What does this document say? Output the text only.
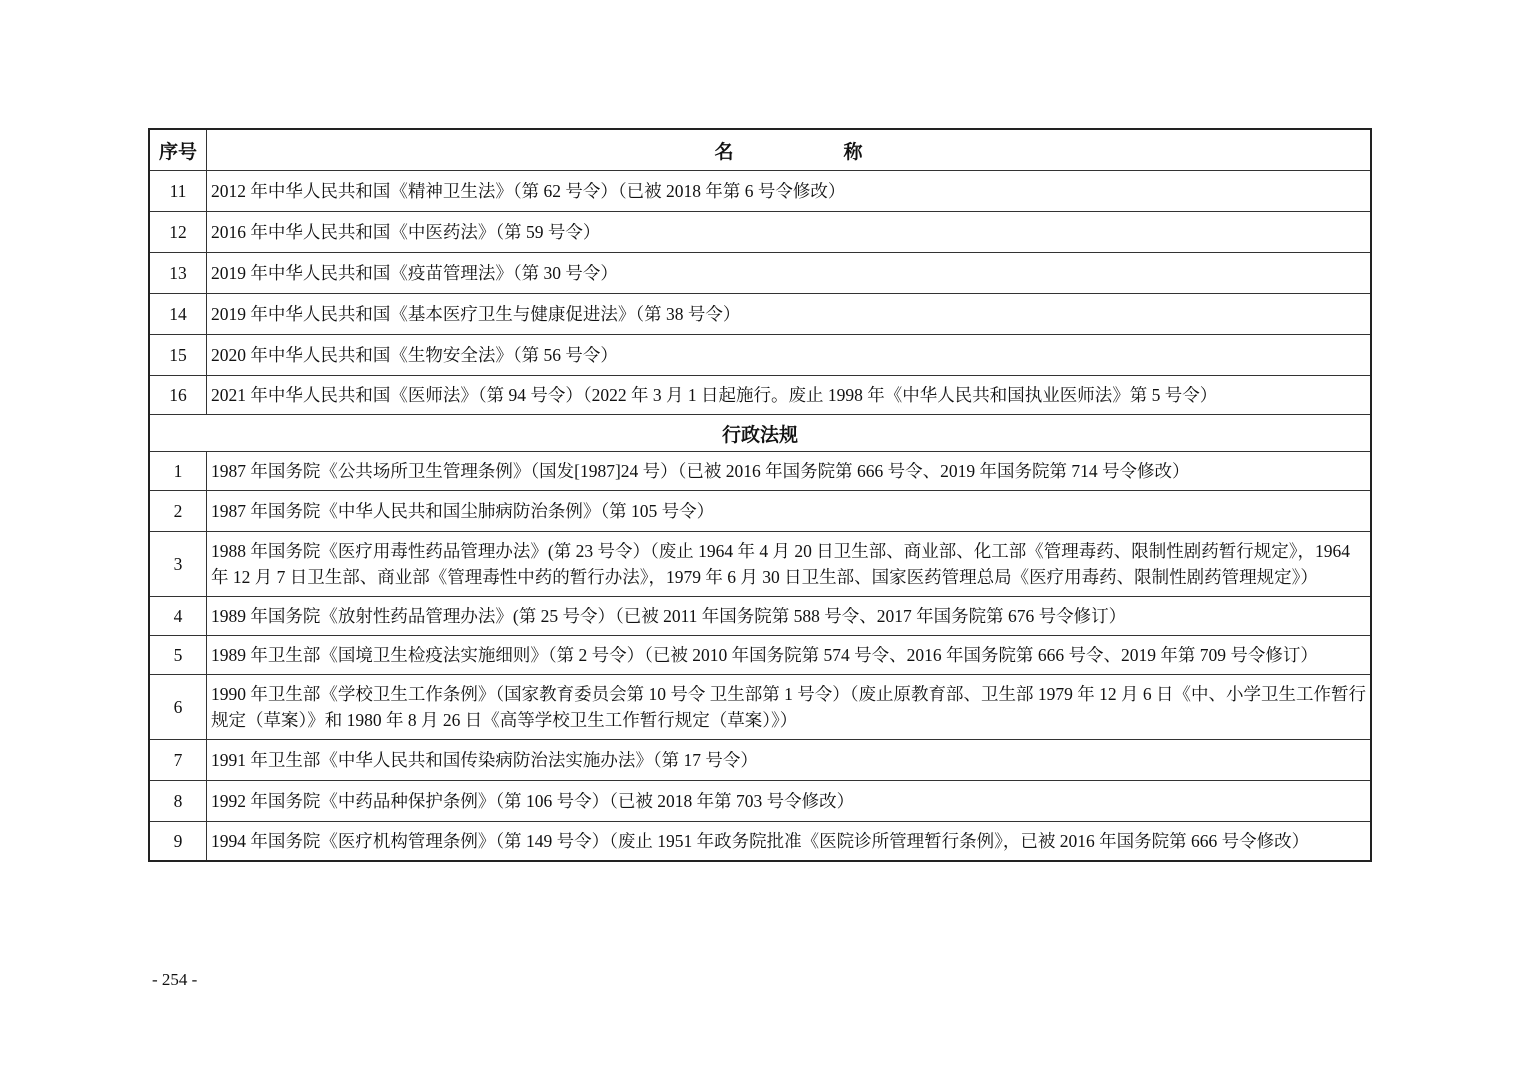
序号	名称
11	2012 年中华人民共和国《精神卫生法》（第 62 号令）（已被 2018 年第 6 号令修改）
12	2016 年中华人民共和国《中医药法》（第 59 号令）
13	2019 年中华人民共和国《疫苗管理法》（第 30 号令）
14	2019 年中华人民共和国《基本医疗卫生与健康促进法》（第 38 号令）
15	2020 年中华人民共和国《生物安全法》（第 56 号令）
16	2021 年中华人民共和国《医师法》（第 94 号令）（2022 年 3 月 1 日起施行。废止 1998 年《中华人民共和国执业医师法》第 5 号令）
行政法规	
1	1987 年国务院《公共场所卫生管理条例》（国发[1987]24 号）（已被 2016 年国务院第 666 号令、2019 年国务院第 714 号令修改）
2	1987 年国务院《中华人民共和国尘肺病防治条例》（第 105 号令）
3	1988 年国务院《医疗用毒性药品管理办法》(第 23 号令）（废止 1964 年 4 月 20 日卫生部、商业部、化工部《管理毒药、限制性剧药暂行规定》，1964 年 12 月 7 日卫生部、商业部《管理毒性中药的暂行办法》，1979 年 6 月 30 日卫生部、国家医药管理总局《医疗用毒药、限制性剧药管理规定》）
4	1989 年国务院《放射性药品管理办法》(第 25 号令）（已被 2011 年国务院第 588 号令、2017 年国务院第 676 号令修订）
5	1989 年卫生部《国境卫生检疫法实施细则》（第 2 号令）（已被 2010 年国务院第 574 号令、2016 年国务院第 666 号令、2019 年第 709 号令修订）
6	1990 年卫生部《学校卫生工作条例》（国家教育委员会第 10 号令 卫生部第 1 号令）（废止原教育部、卫生部 1979 年 12 月 6 日《中、小学卫生工作暂行规定（草案）》和 1980 年 8 月 26 日《高等学校卫生工作暂行规定（草案）》）
7	1991 年卫生部《中华人民共和国传染病防治法实施办法》（第 17 号令）
8	1992 年国务院《中药品种保护条例》（第 106 号令）（已被 2018 年第 703 号令修改）
9	1994 年国务院《医疗机构管理条例》（第 149 号令）（废止 1951 年政务院批准《医院诊所管理暂行条例》，已被 2016 年国务院第 666 号令修改）
- 254 -
